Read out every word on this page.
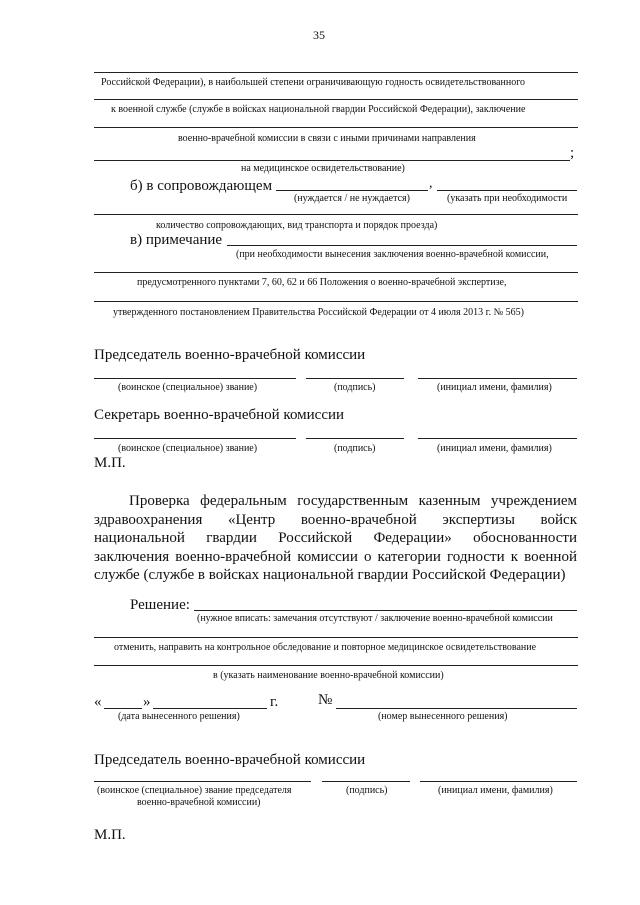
35
Российской Федерации), в наибольшей степени ограничивающую годность освидетельствованного
к военной службе (службе в войсках национальной гвардии Российской Федерации), заключение
военно-врачебной комиссии в связи с иными причинами направления
;
на медицинское освидетельствование)
б) в сопровождающем	,
(нуждается / не нуждается)	(указать при необходимости
количество сопровождающих, вид транспорта и порядок проезда)
в) примечание
(при необходимости вынесения заключения военно-врачебной комиссии,
предусмотренного пунктами 7, 60, 62 и 66 Положения о военно-врачебной экспертизе,
утвержденного постановлением Правительства Российской Федерации от 4 июля 2013 г. № 565)
Председатель военно-врачебной комиссии
(воинское (специальное) звание)	(подпись)	(инициал имени, фамилия)
Секретарь военно-врачебной комиссии
(воинское (специальное) звание)	(подпись)	(инициал имени, фамилия)
М.П.
Проверка федеральным государственным казенным учреждением
здравоохранения «Центр военно-врачебной экспертизы войск
национальной гвардии Российской Федерации» обоснованности
заключения военно-врачебной комиссии о категории годности к военной
службе (службе в войсках национальной гвардии Российской Федерации)
Решение:
(нужное вписать: замечания отсутствуют / заключение военно-врачебной комиссии
отменить, направить на контрольное обследование и повторное медицинское освидетельствование
в (указать наименование военно-врачебной комиссии)
«	»	г.	№
(дата вынесенного решения)	(номер вынесенного решения)
Председатель военно-врачебной комиссии
(воинское (специальное) звание председателя
военно-врачебной комиссии)
(подпись)	(инициал имени, фамилия)
М.П.
